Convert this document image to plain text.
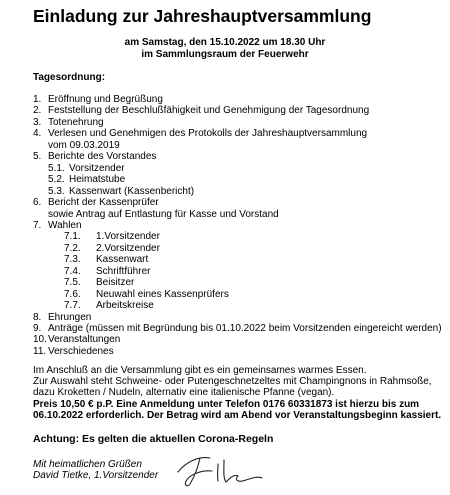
Einladung zur Jahreshauptversammlung
am Samstag, den 15.10.2022 um 18.30 Uhr
im Sammlungsraum der Feuerwehr
Tagesordnung:
1. Eröffnung und Begrüßung
2. Feststellung der Beschlußfähigkeit und Genehmigung der Tagesordnung
3. Totenehrung
4. Verlesen und Genehmigen des Protokolls der Jahreshauptversammlung
vom 09.03.2019
5. Berichte des Vorstandes
5.1. Vorsitzender
5.2. Heimatstube
5.3. Kassenwart (Kassenbericht)
6. Bericht der Kassenprüfer
sowie Antrag auf Entlastung für Kasse und Vorstand
7. Wahlen
7.1. 1.Vorsitzender
7.2. 2.Vorsitzender
7.3. Kassenwart
7.4. Schriftführer
7.5. Beisitzer
7.6. Neuwahl eines Kassenprüfers
7.7. Arbeitskreise
8. Ehrungen
9. Anträge (müssen mit Begründung bis 01.10.2022 beim Vorsitzenden eingereicht werden)
10. Veranstaltungen
11. Verschiedenes
Im Anschluß an die Versammlung gibt es ein gemeinsames warmes Essen.
Zur Auswahl steht Schweine- oder Putengeschnetzeltes mit Champingnons in Rahmsoße,
dazu Kroketten / Nudeln, alternativ eine italienische Pfanne (vegan).
Preis 10,50 € p.P. Eine Anmeldung unter Telefon 0176 60331873 ist hierzu bis zum
06.10.2022 erforderlich. Der Betrag wird am Abend vor Veranstaltungsbeginn kassiert.
Achtung: Es gelten die aktuellen Corona-Regeln
Mit heimatlichen Grüßen
David Tietke, 1.Vorsitzender
